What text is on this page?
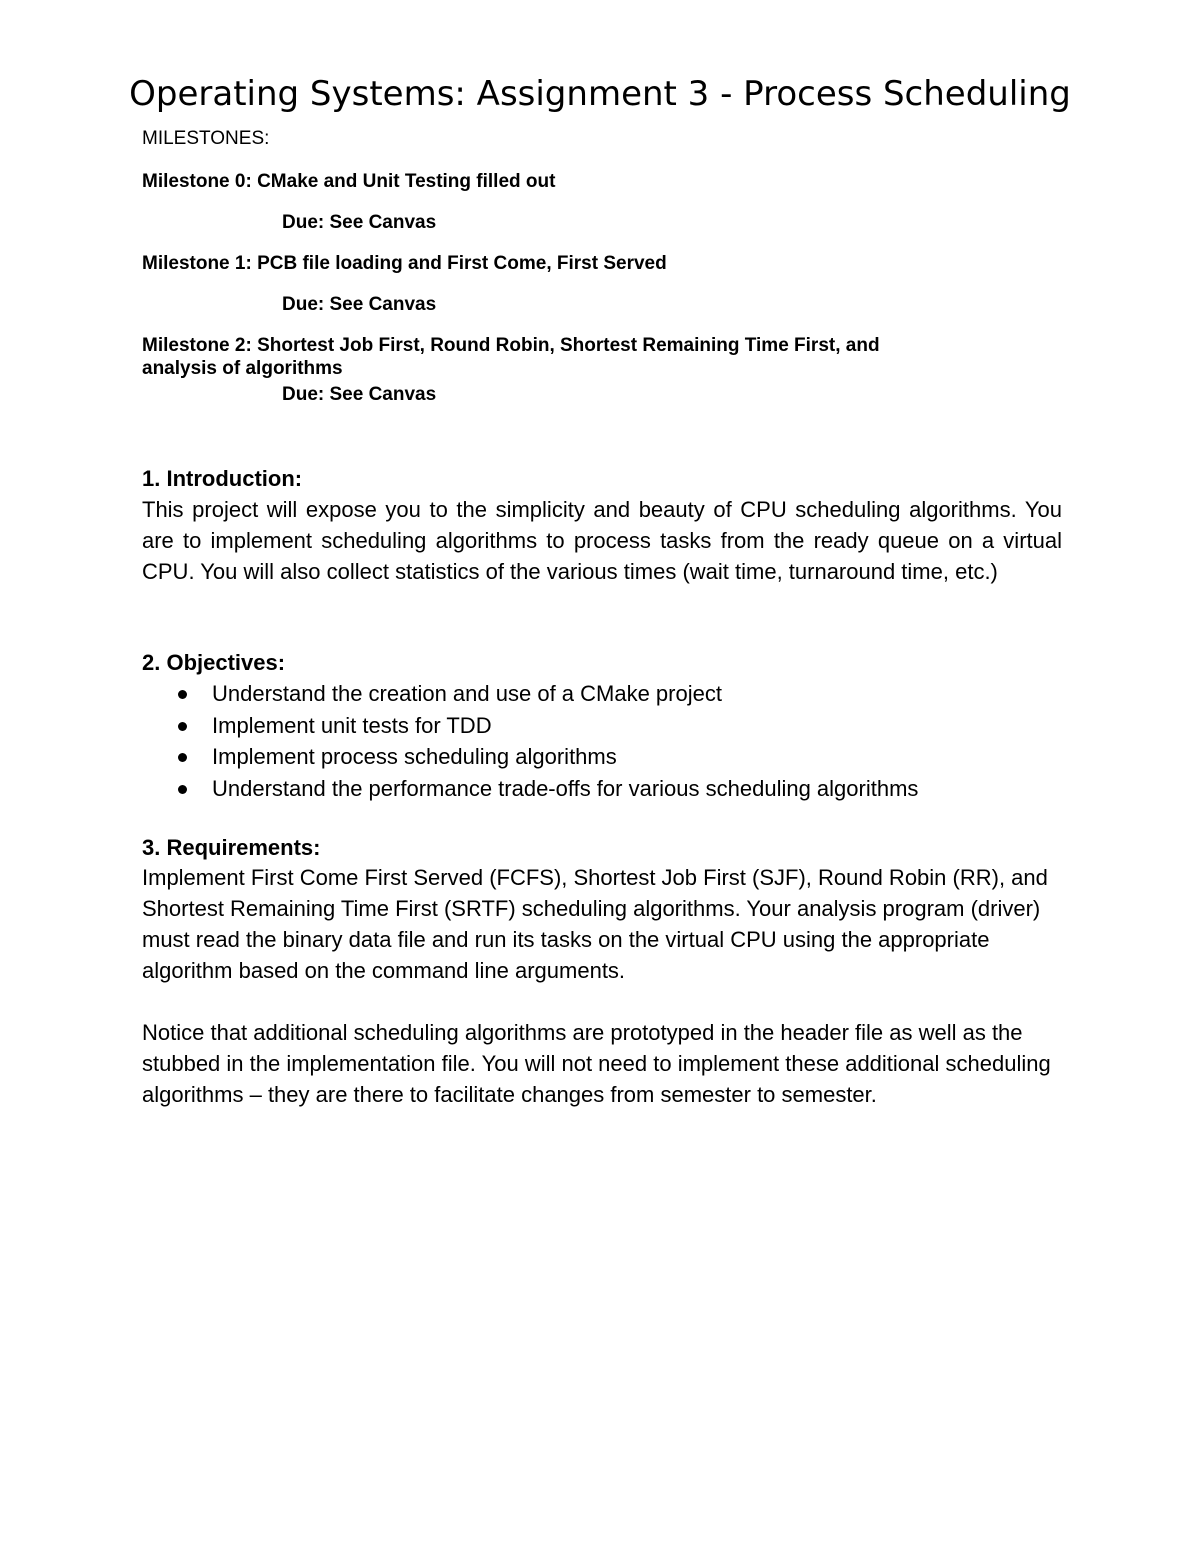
Operating Systems: Assignment 3 - Process Scheduling
MILESTONES:
Milestone 0: CMake and Unit Testing filled out
Due: See Canvas
Milestone 1: PCB file loading and First Come, First Served
Due: See Canvas
Milestone 2: Shortest Job First, Round Robin, Shortest Remaining Time First, and
analysis of algorithms
Due: See Canvas
1. Introduction:
This project will expose you to the simplicity and beauty of CPU scheduling algorithms. You are to implement scheduling algorithms to process tasks from the ready queue on a virtual CPU. You will also collect statistics of the various times (wait time, turnaround time, etc.)
2. Objectives:
Understand the creation and use of a CMake project
Implement unit tests for TDD
Implement process scheduling algorithms
Understand the performance trade-offs for various scheduling algorithms
3. Requirements:
Implement First Come First Served (FCFS), Shortest Job First (SJF), Round Robin (RR), and Shortest Remaining Time First (SRTF) scheduling algorithms. Your analysis program (driver) must read the binary data file and run its tasks on the virtual CPU using the appropriate algorithm based on the command line arguments.
Notice that additional scheduling algorithms are prototyped in the header file as well as the stubbed in the implementation file. You will not need to implement these additional scheduling algorithms – they are there to facilitate changes from semester to semester.
